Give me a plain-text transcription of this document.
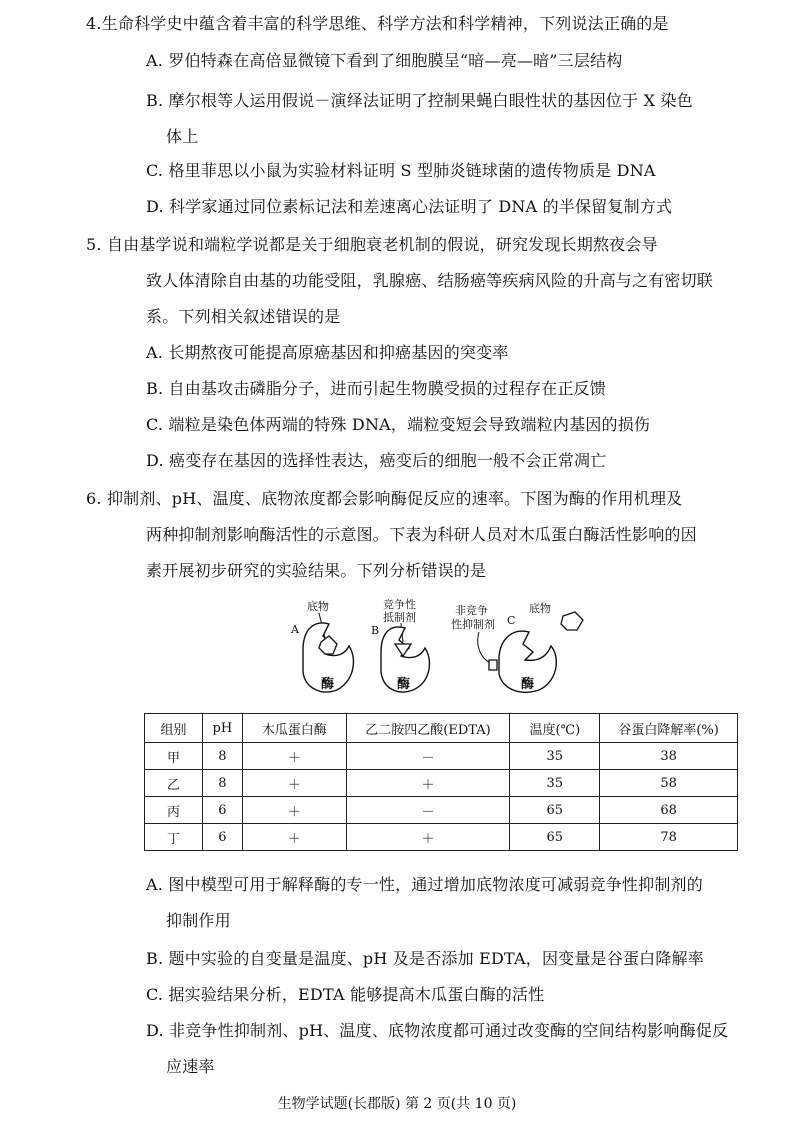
4.生命科学史中蕴含着丰富的科学思维、科学方法和科学精神，下列说法正确的是
A. 罗伯特森在高倍显微镜下看到了细胞膜呈“暗—亮—暗”三层结构
B. 摩尔根等人运用假说－演绎法证明了控制果蝇白眼性状的基因位于 X 染色
体上
C. 格里菲思以小鼠为实验材料证明 S 型肺炎链球菌的遗传物质是 DNA
D. 科学家通过同位素标记法和差速离心法证明了 DNA 的半保留复制方式
5. 自由基学说和端粒学说都是关于细胞衰老机制的假说，研究发现长期熬夜会导
致人体清除自由基的功能受阻，乳腺癌、结肠癌等疾病风险的升高与之有密切联
系。下列相关叙述错误的是
A. 长期熬夜可能提高原癌基因和抑癌基因的突变率
B. 自由基攻击磷脂分子，进而引起生物膜受损的过程存在正反馈
C. 端粒是染色体两端的特殊 DNA，端粒变短会导致端粒内基因的损伤
D. 癌变存在基因的选择性表达，癌变后的细胞一般不会正常凋亡
6. 抑制剂、pH、温度、底物浓度都会影响酶促反应的速率。下图为酶的作用机理及
两种抑制剂影响酶活性的示意图。下表为科研人员对木瓜蛋白酶活性影响的因
素开展初步研究的实验结果。下列分析错误的是
底物
A
酶
竞争性
抵制剂
B
酶
非竞争
性抑制剂 C
底物
酶
组别	pH	木瓜蛋白酶	乙二胺四乙酸(EDTA)	温度(℃)	谷蛋白降解率(%)
甲	8	＋	－	35	38
乙	8	＋	＋	35	58
丙	6	＋	－	65	68
丁	6	＋	＋	65	78
A. 图中模型可用于解释酶的专一性，通过增加底物浓度可减弱竞争性抑制剂的
抑制作用
B. 题中实验的自变量是温度、pH 及是否添加 EDTA，因变量是谷蛋白降解率
C. 据实验结果分析，EDTA 能够提高木瓜蛋白酶的活性
D. 非竞争性抑制剂、pH、温度、底物浓度都可通过改变酶的空间结构影响酶促反
应速率
生物学试题(长郡版) 第 2 页(共 10 页)
